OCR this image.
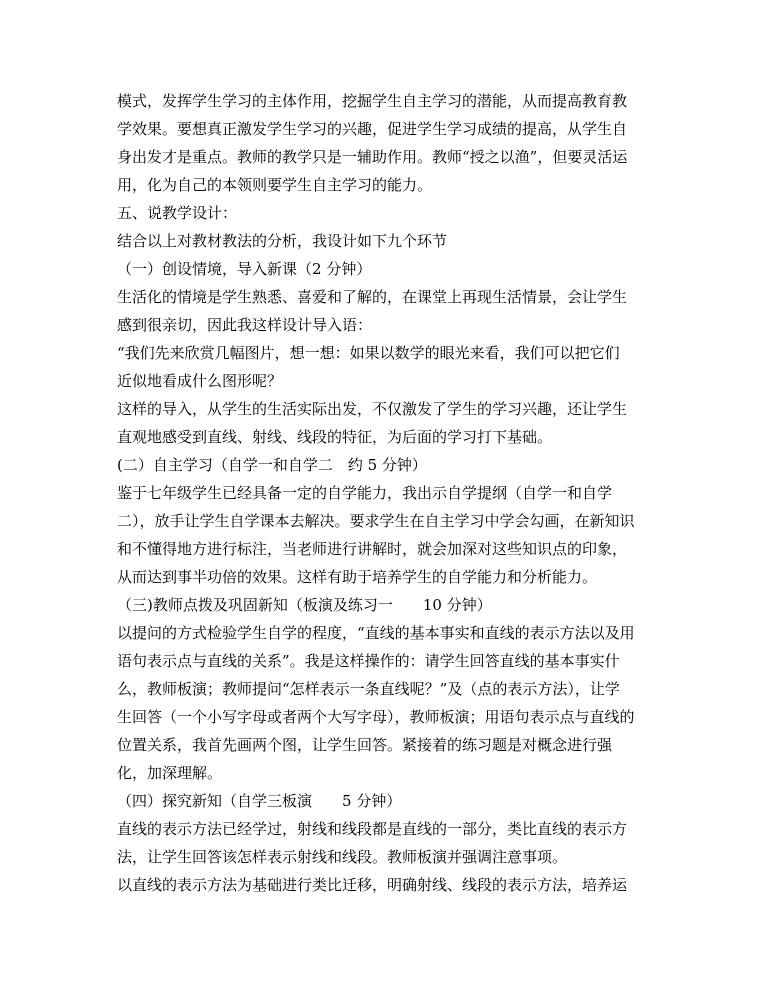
模式，发挥学生学习的主体作用，挖掘学生自主学习的潜能，从而提高教育教
学效果。要想真正激发学生学习的兴趣，促进学生学习成绩的提高，从学生自
身出发才是重点。教师的教学只是一辅助作用。教师“授之以渔”，但要灵活运
用，化为自己的本领则要学生自主学习的能力。
五、说教学设计：
结合以上对教材教法的分析，我设计如下九个环节
（一）创设情境，导入新课（2 分钟）
生活化的情境是学生熟悉、喜爱和了解的，在课堂上再现生活情景，会让学生
感到很亲切，因此我这样设计导入语：
“我们先来欣赏几幅图片，想一想：如果以数学的眼光来看，我们可以把它们
近似地看成什么图形呢？
这样的导入，从学生的生活实际出发，不仅激发了学生的学习兴趣，还让学生
直观地感受到直线、射线、线段的特征，为后面的学习打下基础。
(二）自主学习（自学一和自学二　约 5 分钟）
鉴于七年级学生已经具备一定的自学能力，我出示自学提纲（自学一和自学
二），放手让学生自学课本去解决。要求学生在自主学习中学会勾画，在新知识
和不懂得地方进行标注，当老师进行讲解时，就会加深对这些知识点的印象，
从而达到事半功倍的效果。这样有助于培养学生的自学能力和分析能力。
（三)教师点拨及巩固新知（板演及练习一　　10 分钟）
以提问的方式检验学生自学的程度，“直线的基本事实和直线的表示方法以及用
语句表示点与直线的关系”。我是这样操作的：请学生回答直线的基本事实什
么，教师板演；教师提问“怎样表示一条直线呢？”及（点的表示方法），让学
生回答（一个小写字母或者两个大写字母），教师板演；用语句表示点与直线的
位置关系，我首先画两个图，让学生回答。紧接着的练习题是对概念进行强
化，加深理解。
（四）探究新知（自学三板演　　5 分钟）
直线的表示方法已经学过，射线和线段都是直线的一部分，类比直线的表示方
法，让学生回答该怎样表示射线和线段。教师板演并强调注意事项。
以直线的表示方法为基础进行类比迁移，明确射线、线段的表示方法，培养运
